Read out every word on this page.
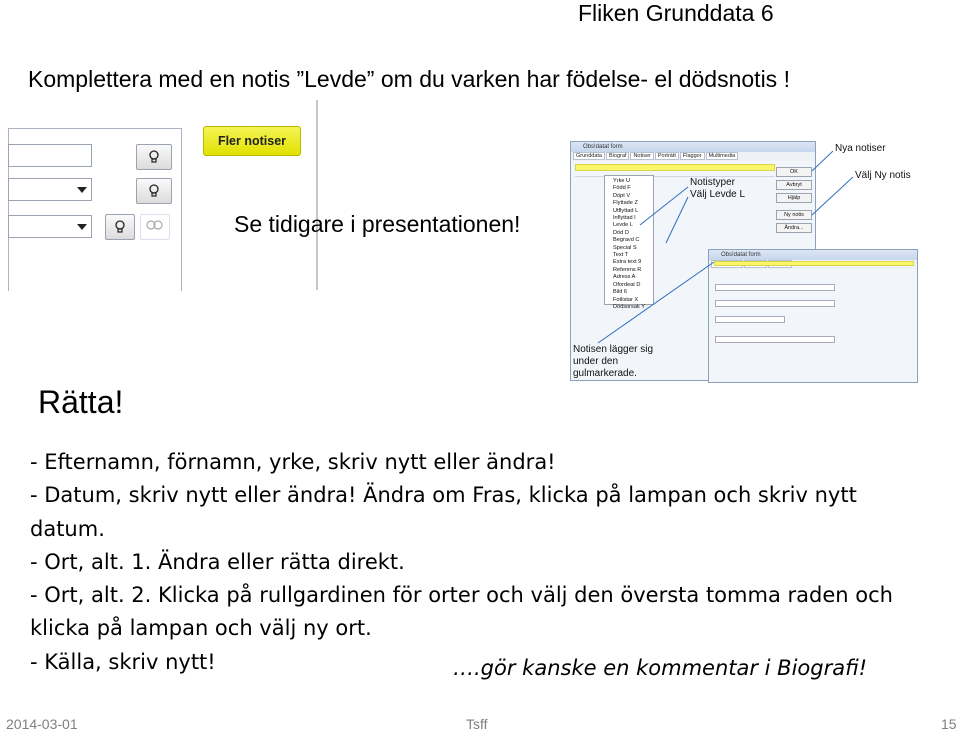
Fliken Grunddata 6
Komplettera med en notis ”Levde” om du varken har födelse- el dödsnotis !
Fler notiser
Se tidigare i presentationen!
Obs!datat form
Grunddata Biograf Notiser Porträtt Flaggor Multimedia
Yrke U
Född F
Döpt V
Flyttade Z
Utflyttad L
Inflyttad I
Levde L
Död D
Begravd C
Special S
Text T
Extra text 9
Referens R
Adress A
Ofordeat D
Bild 6
Fotlistar X
Dödsorsak Y
OK
Avbryt
Hjälp
Ny notis
Ändra...
Obs!datat form
Notistyper
Välj Levde L
Nya notiser
Välj Ny notis
Notisen lägger sig
under den
gulmarkerade.
Rätta!
- Efternamn, förnamn, yrke, skriv nytt eller ändra!
- Datum, skriv nytt eller ändra! Ändra om Fras, klicka på lampan och skriv nytt
datum.
- Ort, alt. 1. Ändra eller rätta direkt.
- Ort, alt. 2. Klicka på rullgardinen för orter och välj den översta tomma raden och
klicka på lampan och välj ny ort.
- Källa, skriv nytt!	….gör kanske en kommentar i Biografi!
2014-03-01	Tsff	15
